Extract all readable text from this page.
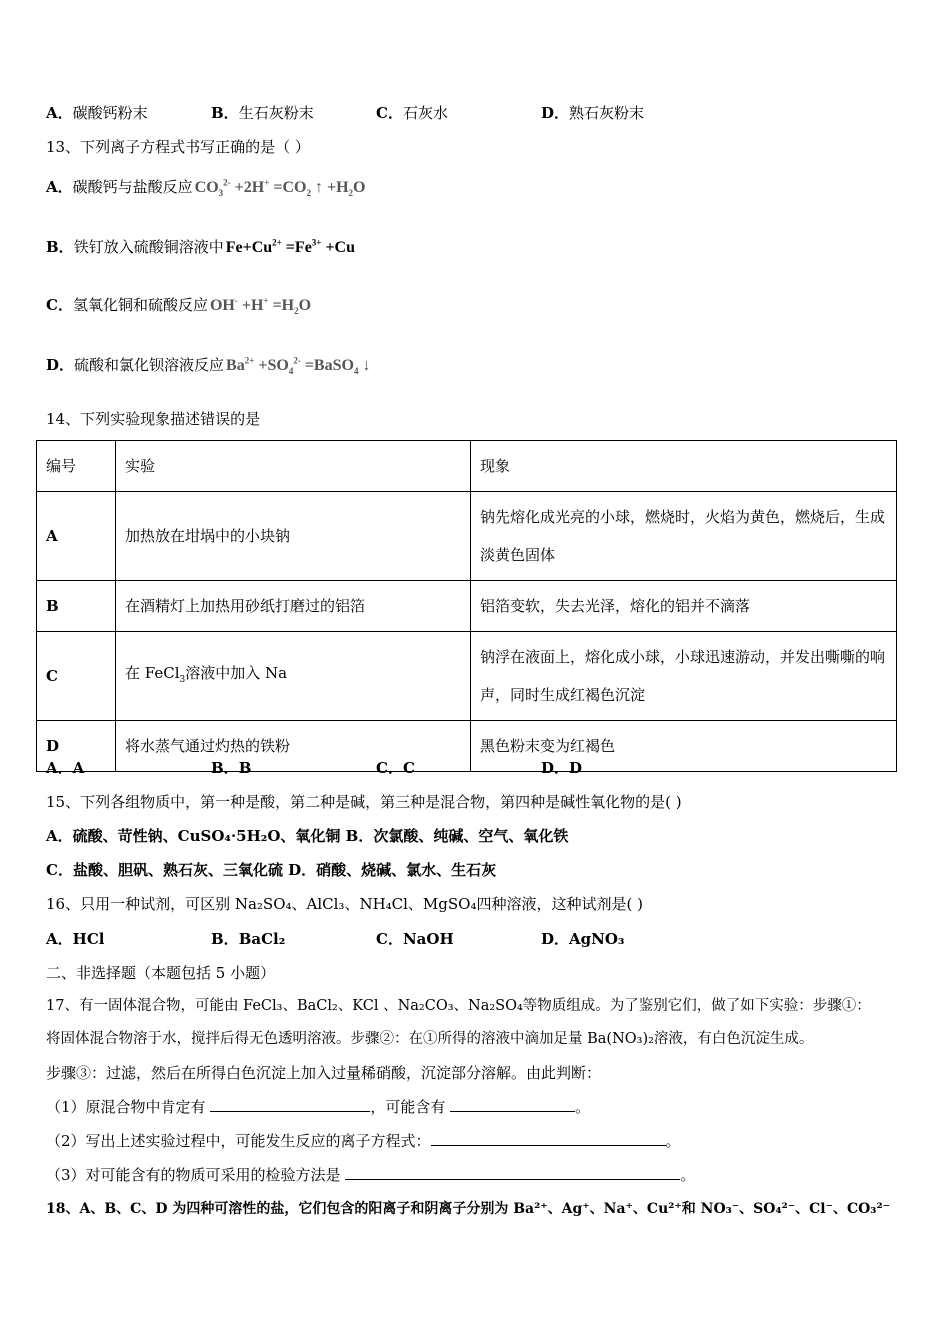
A．碳酸钙粉末	B．生石灰粉末	C．石灰水	D．熟石灰粉末
13、下列离子方程式书写正确的是（ ）
A．碳酸钙与盐酸反应 $CO_3^{2-} +2H^+ =CO_2$ ↑ $+H_2O$
B．铁钉放入硫酸铜溶液中 $Fe+Cu^{2+} =Fe^{3+} +Cu$
C．氢氧化铜和硫酸反应 $OH^- +H^+ =H_2O$
D．硫酸和氯化钡溶液反应 $Ba^{2+} +SO_4^{2-}$ =BaSO$_4$ ↓
14、下列实验现象描述错误的是
编号	实验	现象
A	加热放在坩埚中的小块钠	钠先熔化成光亮的小球，燃烧时，火焰为黄色，燃烧后，生成淡黄色固体
B	在酒精灯上加热用砂纸打磨过的铝箔	铝箔变软，失去光泽，熔化的铝并不滴落
C	在 FeCl$_3$溶液中加入 Na	钠浮在液面上，熔化成小球，小球迅速游动，并发出嘶嘶的响声，同时生成红褐色沉淀
D	将水蒸气通过灼热的铁粉	黑色粉末变为红褐色
A．A	B．B	C．C	D．D
15、下列各组物质中，第一种是酸，第二种是碱，第三种是混合物，第四种是碱性氧化物的是( )
A．硫酸、苛性钠、CuSO₄·5H₂O、氧化铜 B．次氯酸、纯碱、空气、氧化铁
C．盐酸、胆矾、熟石灰、三氧化硫 D．硝酸、烧碱、氯水、生石灰
16、只用一种试剂，可区别 Na₂SO₄、AlCl₃、NH₄Cl、MgSO₄四种溶液，这种试剂是( )
A．HCl	B．BaCl₂	C．NaOH	D．AgNO₃
二、非选择题（本题包括 5 小题）
17、有一固体混合物，可能由 FeCl₃、BaCl₂、KCl 、Na₂CO₃、Na₂SO₄等物质组成。为了鉴别它们，做了如下实验：步骤①：
将固体混合物溶于水，搅拌后得无色透明溶液。步骤②：在①所得的溶液中滴加足量 Ba(NO₃)₂溶液，有白色沉淀生成。
步骤③：过滤，然后在所得白色沉淀上加入过量稀硝酸，沉淀部分溶解。由此判断：
（1）原混合物中肯定有	，可能含有	。
（2）写出上述实验过程中，可能发生反应的离子方程式：	。
（3）对可能含有的物质可采用的检验方法是	。
18、A、B、C、D 为四种可溶性的盐，它们包含的阳离子和阴离子分别为 Ba²⁺、Ag⁺、Na⁺、Cu²⁺和 NO₃⁻、SO₄²⁻、Cl⁻、CO₃²⁻
